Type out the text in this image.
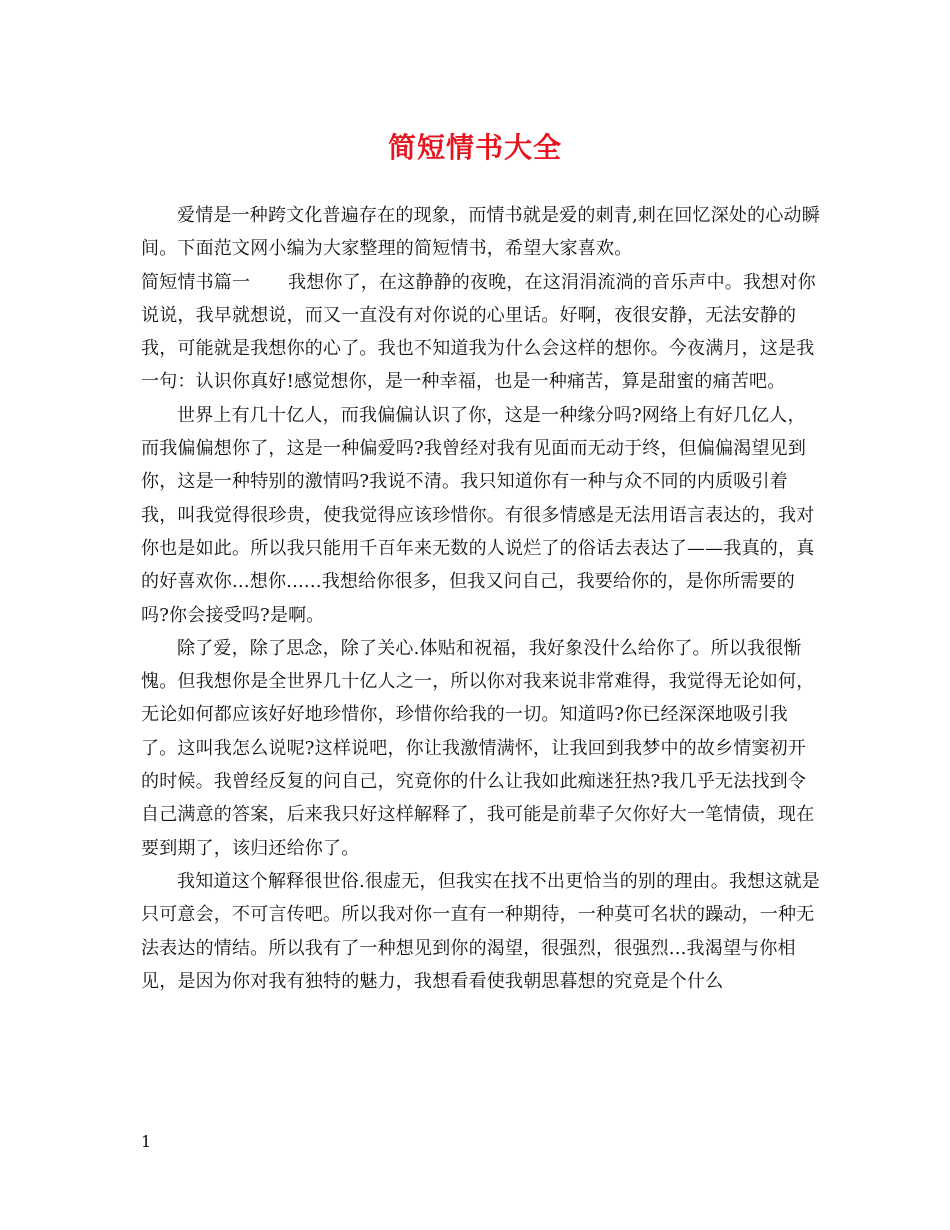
简短情书大全

爱情是一种跨文化普遍存在的现象，而情书就是爱的刺青,刺在回忆深处的心动瞬间。下面范文网小编为大家整理的简短情书，希望大家喜欢。

简短情书篇一 我想你了，在这静静的夜晚，在这涓涓流淌的音乐声中。我想对你说说，我早就想说，而又一直没有对你说的心里话。好啊，夜很安静，无法安静的我，可能就是我想你的心了。我也不知道我为什么会这样的想你。今夜满月，这是我一句：认识你真好!感觉想你，是一种幸福，也是一种痛苦，算是甜蜜的痛苦吧。

世界上有几十亿人，而我偏偏认识了你，这是一种缘分吗?网络上有好几亿人，而我偏偏想你了，这是一种偏爱吗?我曾经对我有见面而无动于终，但偏偏渴望见到你，这是一种特别的激情吗?我说不清。我只知道你有一种与众不同的内质吸引着我，叫我觉得很珍贵，使我觉得应该珍惜你。有很多情感是无法用语言表达的，我对你也是如此。所以我只能用千百年来无数的人说烂了的俗话去表达了——我真的，真的好喜欢你...想你......我想给你很多，但我又问自己，我要给你的，是你所需要的吗?你会接受吗?是啊。

除了爱，除了思念，除了关心.体贴和祝福，我好象没什么给你了。所以我很惭愧。但我想你是全世界几十亿人之一，所以你对我来说非常难得，我觉得无论如何，无论如何都应该好好地珍惜你，珍惜你给我的一切。知道吗?你已经深深地吸引我了。这叫我怎么说呢?这样说吧，你让我激情满怀，让我回到我梦中的故乡情窦初开的时候。我曾经反复的问自己，究竟你的什么让我如此痴迷狂热?我几乎无法找到令自己满意的答案，后来我只好这样解释了，我可能是前辈子欠你好大一笔情债，现在要到期了，该归还给你了。

我知道这个解释很世俗.很虚无，但我实在找不出更恰当的别的理由。我想这就是只可意会，不可言传吧。所以我对你一直有一种期待，一种莫可名状的躁动，一种无法表达的情结。所以我有了一种想见到你的渴望，很强烈，很强烈...我渴望与你相见，是因为你对我有独特的魅力，我想看看使我朝思暮想的究竟是个什么

1
